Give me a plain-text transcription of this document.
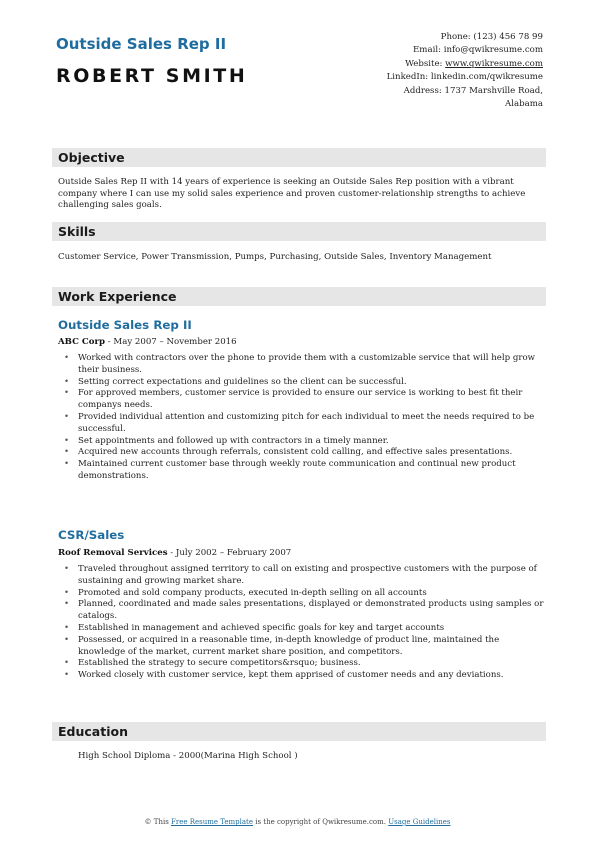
Outside Sales Rep II
ROBERT SMITH
Phone: (123) 456 78 99
Email: info@qwikresume.com
Website: www.qwikresume.com
LinkedIn: linkedin.com/qwikresume
Address: 1737 Marshville Road,
Alabama
Objective
Outside Sales Rep II with 14 years of experience is seeking an Outside Sales Rep position with a vibrant company where I can use my solid sales experience and proven customer-relationship strengths to achieve challenging sales goals.
Skills
Customer Service, Power Transmission, Pumps, Purchasing, Outside Sales, Inventory Management
Work Experience
Outside Sales Rep II
ABC Corp - May 2007 – November 2016
• Worked with contractors over the phone to provide them with a customizable service that will help grow their business.
• Setting correct expectations and guidelines so the client can be successful.
• For approved members, customer service is provided to ensure our service is working to best fit their companys needs.
• Provided individual attention and customizing pitch for each individual to meet the needs required to be successful.
• Set appointments and followed up with contractors in a timely manner.
• Acquired new accounts through referrals, consistent cold calling, and effective sales presentations.
• Maintained current customer base through weekly route communication and continual new product demonstrations.
CSR/Sales
Roof Removal Services - July 2002 – February 2007
• Traveled throughout assigned territory to call on existing and prospective customers with the purpose of sustaining and growing market share.
• Promoted and sold company products, executed in-depth selling on all accounts
• Planned, coordinated and made sales presentations, displayed or demonstrated products using samples or catalogs.
• Established in management and achieved specific goals for key and target accounts
• Possessed, or acquired in a reasonable time, in-depth knowledge of product line, maintained the knowledge of the market, current market share position, and competitors.
• Established the strategy to secure competitors&rsquo; business.
• Worked closely with customer service, kept them apprised of customer needs and any deviations.
Education
High School Diploma - 2000(Marina High School )
© This Free Resume Template is the copyright of Qwikresume.com. Usage Guidelines
